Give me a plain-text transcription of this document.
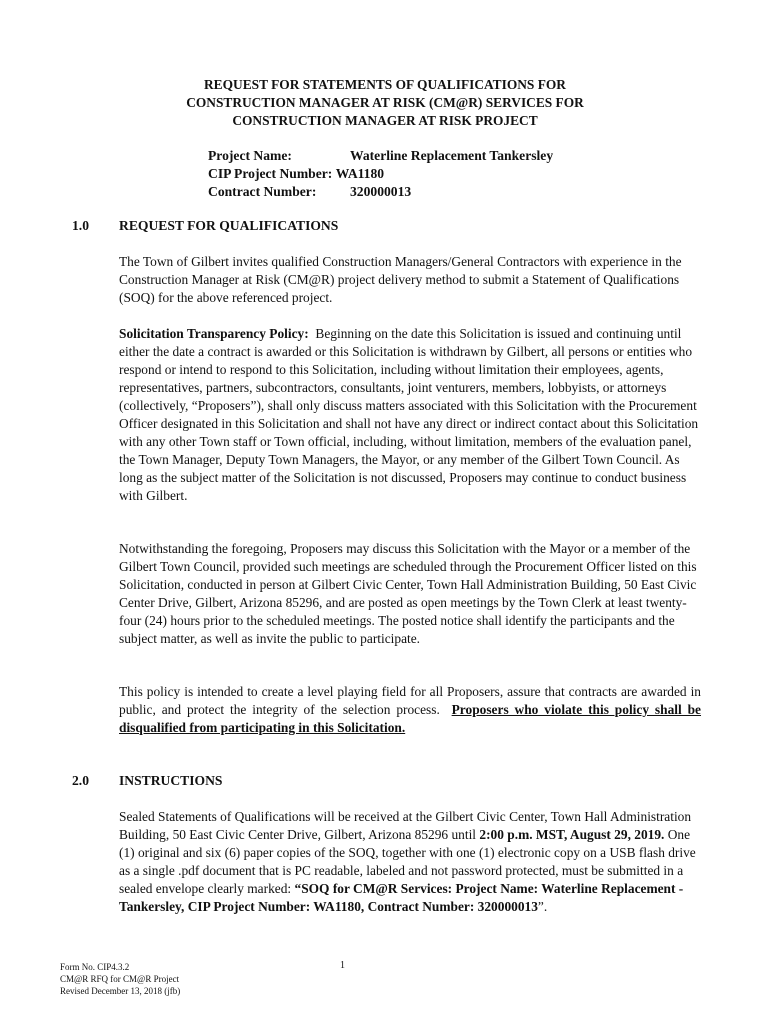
REQUEST FOR STATEMENTS OF QUALIFICATIONS FOR
CONSTRUCTION MANAGER AT RISK (CM@R) SERVICES FOR
CONSTRUCTION MANAGER AT RISK PROJECT
Project Name:	Waterline Replacement Tankersley
CIP Project Number:
WA1180
Contract Number:	320000013
1.0 REQUEST FOR QUALIFICATIONS
The Town of Gilbert invites qualified Construction Managers/General Contractors with experience in the Construction Manager at Risk (CM@R) project delivery method to submit a Statement of Qualifications (SOQ) for the above referenced project.
Solicitation Transparency Policy: Beginning on the date this Solicitation is issued and continuing until either the date a contract is awarded or this Solicitation is withdrawn by Gilbert, all persons or entities who respond or intend to respond to this Solicitation, including without limitation their employees, agents, representatives, partners, subcontractors, consultants, joint venturers, members, lobbyists, or attorneys (collectively, “Proposers”), shall only discuss matters associated with this Solicitation with the Procurement Officer designated in this Solicitation and shall not have any direct or indirect contact about this Solicitation with any other Town staff or Town official, including, without limitation, members of the evaluation panel, the Town Manager, Deputy Town Managers, the Mayor, or any member of the Gilbert Town Council. As long as the subject matter of the Solicitation is not discussed, Proposers may continue to conduct business with Gilbert.
Notwithstanding the foregoing, Proposers may discuss this Solicitation with the Mayor or a member of the Gilbert Town Council, provided such meetings are scheduled through the Procurement Officer listed on this Solicitation, conducted in person at Gilbert Civic Center, Town Hall Administration Building, 50 East Civic Center Drive, Gilbert, Arizona 85296, and are posted as open meetings by the Town Clerk at least twenty-four (24) hours prior to the scheduled meetings. The posted notice shall identify the participants and the subject matter, as well as invite the public to participate.
This policy is intended to create a level playing field for all Proposers, assure that contracts are awarded in public, and protect the integrity of the selection process. Proposers who violate this policy shall be disqualified from participating in this Solicitation.
2.0 INSTRUCTIONS
Sealed Statements of Qualifications will be received at the Gilbert Civic Center, Town Hall Administration Building, 50 East Civic Center Drive, Gilbert, Arizona 85296 until 2:00 p.m. MST, August 29, 2019. One (1) original and six (6) paper copies of the SOQ, together with one (1) electronic copy on a USB flash drive as a single .pdf document that is PC readable, labeled and not password protected, must be submitted in a sealed envelope clearly marked: “SOQ for CM@R Services: Project Name: Waterline Replacement - Tankersley, CIP Project Number: WA1180, Contract Number: 320000013”.
Form No. CIP4.3.2
CM@R RFQ for CM@R Project
Revised December 13, 2018 (jfb)
1
